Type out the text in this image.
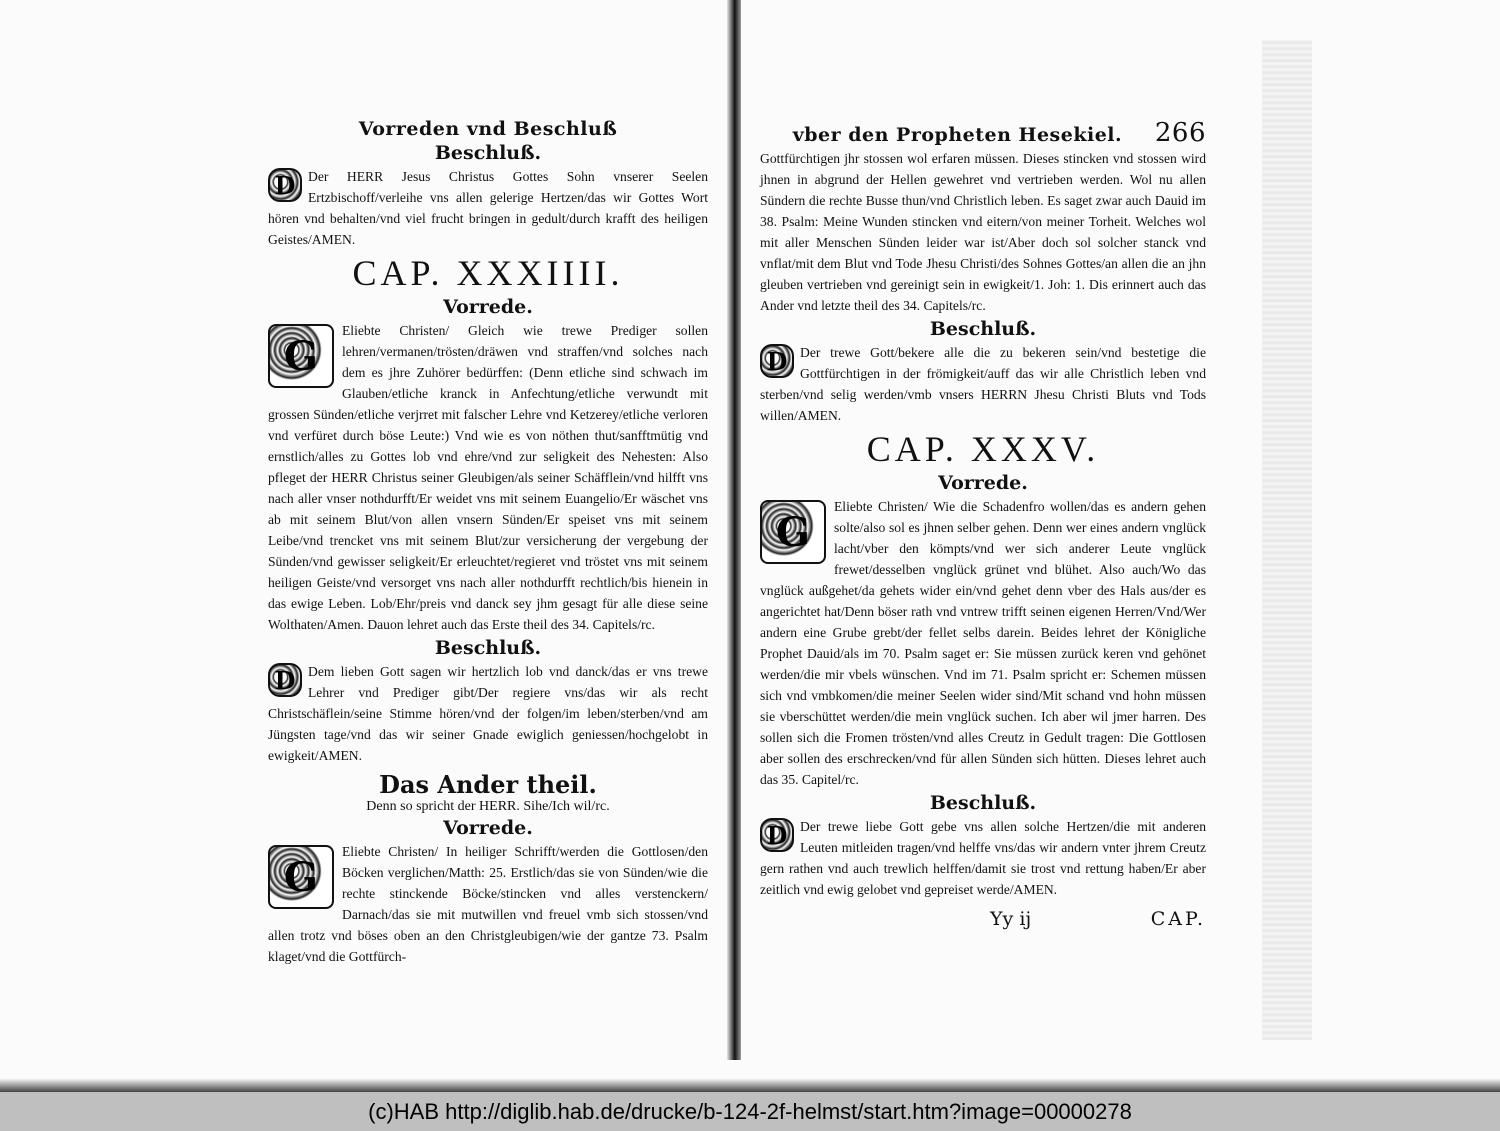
Vorreden vnd Beschluß
Beschluß.

D Der HERR Jesus Christus Gottes Sohn vnserer Seelen Ertzbischoff/verleihe vns allen gelerige Hertzen/das wir Gottes Wort hören vnd behalten/vnd viel frucht bringen in gedult/durch krafft des heiligen Geistes/AMEN.

CAP. XXXIIII.
Vorrede.

G
Eliebte Christen/ Gleich wie trewe Prediger sollen lehren/vermanen/trösten/dräwen vnd straffen/vnd solches nach dem es jhre Zuhörer bedürffen: (Denn etliche sind schwach im Glauben/etliche kranck in Anfechtung/etliche verwundt mit grossen Sünden/etliche verjrret mit falscher Lehre vnd Ketzerey/etliche verloren vnd verfüret durch böse Leute:) Vnd wie es von nöthen thut/sanfftmütig vnd ernstlich/alles zu Gottes lob vnd ehre/vnd zur seligkeit des Nehesten: Also pfleget der HERR Christus seiner Gleubigen/als seiner Schäfflein/vnd hilfft vns nach aller vnser nothdurfft/Er weidet vns mit seinem Euangelio/Er wäschet vns ab mit seinem Blut/von allen vnsern Sünden/Er speiset vns mit seinem Leibe/vnd trencket vns mit seinem Blut/zur versicherung der vergebung der Sünden/vnd gewisser seligkeit/Er erleuchtet/regieret vnd tröstet vns mit seinem heiligen Geiste/vnd versorget vns nach aller nothdurfft rechtlich/bis hienein in das ewige Leben. Lob/Ehr/preis vnd danck sey jhm gesagt für alle diese seine Wolthaten/Amen. Dauon lehret auch das Erste theil des 34. Capitels/rc.

Beschluß.

D Dem lieben Gott sagen wir hertzlich lob vnd danck/das er vns trewe Lehrer vnd Prediger gibt/Der regiere vns/das wir als recht Christschäflein/seine Stimme hören/vnd der folgen/im leben/sterben/vnd am Jüngsten tage/vnd das wir seiner Gnade ewiglich geniessen/hochgelobt in ewigkeit/AMEN.

Das Ander theil.

Denn so spricht der HERR. Sihe/Ich wil/rc.

Vorrede.

G
Eliebte Christen/ In heiliger Schrifft/werden die Gottlosen/den Böcken verglichen/Matth: 25. Erstlich/das sie von Sünden/wie die rechte stinckende Böcke/stincken vnd alles verstenckern/ Darnach/das sie mit mutwillen vnd freuel vmb sich stossen/vnd allen trotz vnd böses oben an den Christgleubigen/wie der gantze 73. Psalm klaget/vnd die Gottfürch-

vber den Propheten Hesekiel.	266

Gottfürchtigen jhr stossen wol erfaren müssen. Dieses stincken vnd stossen wird jhnen in abgrund der Hellen gewehret vnd vertrieben werden. Wol nu allen Sündern die rechte Busse thun/vnd Christlich leben. Es saget zwar auch Dauid im 38. Psalm: Meine Wunden stincken vnd eitern/von meiner Torheit. Welches wol mit aller Menschen Sünden leider war ist/Aber doch sol solcher stanck vnd vnflat/mit dem Blut vnd Tode Jhesu Christi/des Sohnes Gottes/an allen die an jhn gleuben vertrieben vnd gereinigt sein in ewigkeit/1. Joh: 1. Dis erinnert auch das Ander vnd letzte theil des 34. Capitels/rc.

Beschluß.

D Der trewe Gott/bekere alle die zu bekeren sein/vnd bestetige die Gottfürchtigen in der frömigkeit/auff das wir alle Christlich leben vnd sterben/vnd selig werden/vmb vnsers HERRN Jhesu Christi Bluts vnd Tods willen/AMEN.

CAP. XXXV.
Vorrede.

G
Eliebte Christen/ Wie die Schadenfro wollen/das es andern gehen solte/also sol es jhnen selber gehen. Denn wer eines andern vnglück lacht/vber den kömpts/vnd wer sich anderer Leute vnglück frewet/desselben vnglück grünet vnd blühet. Also auch/Wo das vnglück außgehet/da gehets wider ein/vnd gehet denn vber des Hals aus/der es angerichtet hat/Denn böser rath vnd vntrew trifft seinen eigenen Herren/Vnd/Wer andern eine Grube grebt/der fellet selbs darein. Beides lehret der Königliche Prophet Dauid/als im 70. Psalm saget er: Sie müssen zurück keren vnd gehönet werden/die mir vbels wünschen. Vnd im 71. Psalm spricht er: Schemen müssen sich vnd vmbkomen/die meiner Seelen wider sind/Mit schand vnd hohn müssen sie vberschüttet werden/die mein vnglück suchen. Ich aber wil jmer harren. Des sollen sich die Fromen trösten/vnd alles Creutz in Gedult tragen: Die Gottlosen aber sollen des erschrecken/vnd für allen Sünden sich hütten. Dieses lehret auch das 35. Capitel/rc.

Beschluß.

D Der trewe liebe Gott gebe vns allen solche Hertzen/die mit anderen Leuten mitleiden tragen/vnd helffe vns/das wir andern vnter jhrem Creutz gern rathen vnd auch trewlich helffen/damit sie trost vnd rettung haben/Er aber zeitlich vnd ewig gelobet vnd gepreiset werde/AMEN.

Yy ij	CAP.
(c)HAB http://diglib.hab.de/drucke/b-124-2f-helmst/start.htm?image=00000278
